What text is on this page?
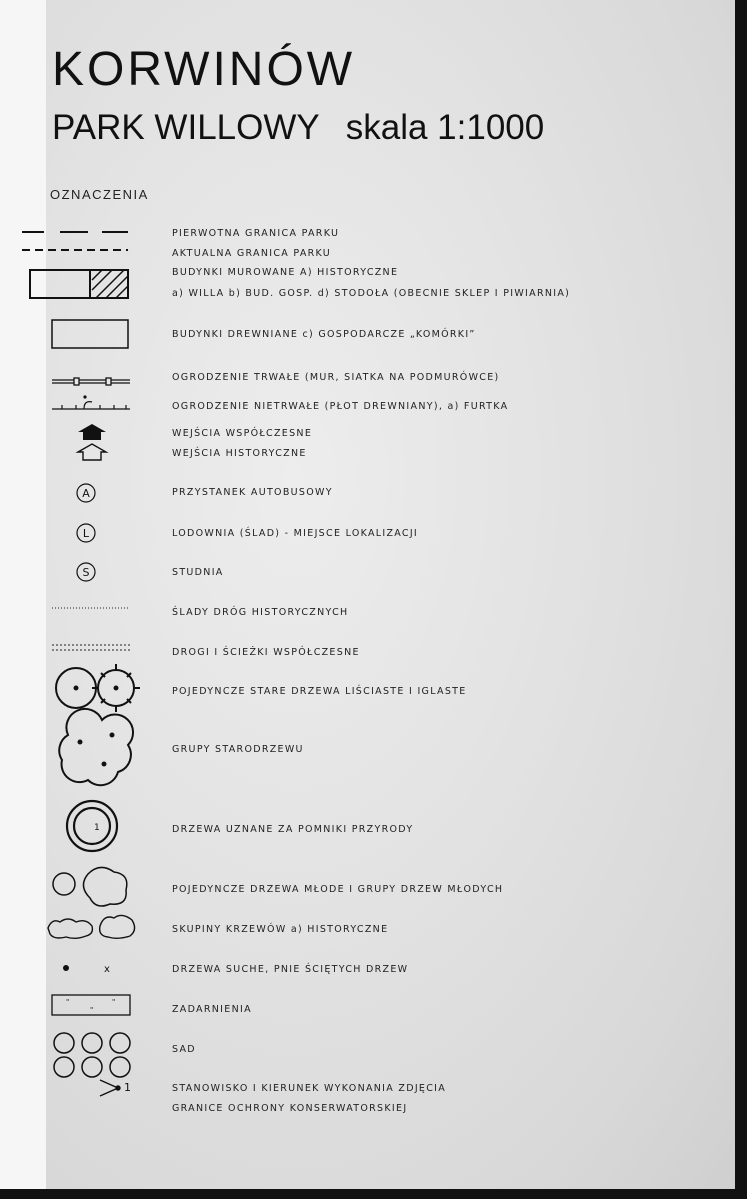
KORWINÓW
PARK WILLOWY skala 1:1000
OZNACZENIA
PIERWOTNA GRANICA PARKU
AKTUALNA GRANICA PARKU
BUDYNKI MUROWANE A) HISTORYCZNE
a) WILLA b) BUD. GOSP. d) STODOŁA (OBECNIE SKLEP I PIWIARNIA)
BUDYNKI DREWNIANE c) GOSPODARCZE „KOMÓRKI”
OGRODZENIE TRWAŁE (MUR, SIATKA NA PODMURÓWCE)
OGRODZENIE NIETRWAŁE (PŁOT DREWNIANY), a) FURTKA
WEJŚCIA WSPÓŁCZESNE
WEJŚCIA HISTORYCZNE
PRZYSTANEK AUTOBUSOWY
LODOWNIA (ŚLAD) - MIEJSCE LOKALIZACJI
STUDNIA
ŚLADY DRÓG HISTORYCZNYCH
DROGI I ŚCIEŻKI WSPÓŁCZESNE
POJEDYNCZE STARE DRZEWA LIŚCIASTE I IGLASTE
GRUPY STARODRZEWU
DRZEWA UZNANE ZA POMNIKI PRZYRODY
POJEDYNCZE DRZEWA MŁODE I GRUPY DRZEW MŁODYCH
SKUPINY KRZEWÓW a) HISTORYCZNE
DRZEWA SUCHE, PNIE ŚCIĘTYCH DRZEW
ZADARNIENIA
SAD
STANOWISKO I KIERUNEK WYKONANIA ZDJĘCIA
GRANICE OCHRONY KONSERWATORSKIEJ
A
L
S
1
x
"
"
"
1
